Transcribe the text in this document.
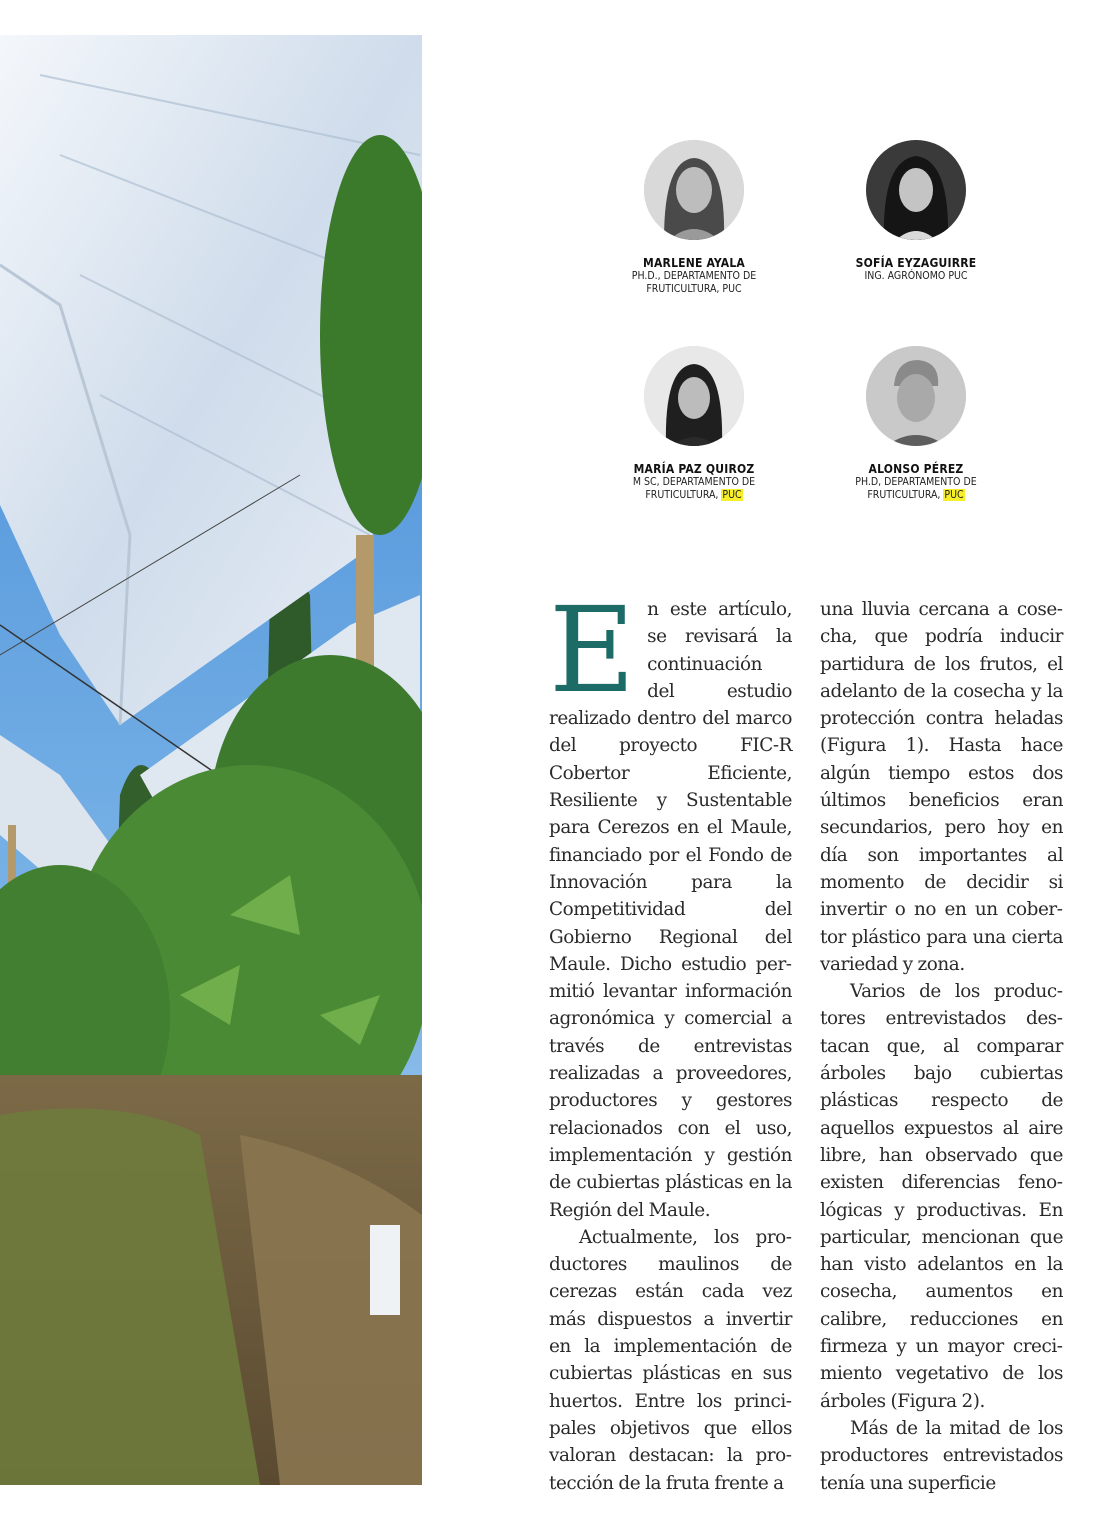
MARLENE AYALA
PH.D., DEPARTAMENTO DE FRUTICULTURA, PUC
SOFÍA EYZAGUIRRE
ING. AGRÓNOMO PUC
MARÍA PAZ QUIROZ
M SC, DEPARTAMENTO DE FRUTICULTURA, PUC
ALONSO PÉREZ
PH.D, DEPARTAMENTO DE FRUTICULTURA, PUC

En este artículo, se revisará la continuación del estudio realizado dentro del marco del proyecto FIC-R Cobertor Eficiente, Resiliente y Sustentable para Cerezos en el Maule, financiado por el Fondo de Innovación para la Competitividad del Gobierno Regional del Maule. Dicho estudio permitió levantar información agronómica y comercial a través de entrevistas realizadas a proveedores, productores y gestores relacionados con el uso, implementación y gestión de cubiertas plásticas en la Región del Maule.

Actualmente, los productores maulinos de cerezas están cada vez más dispuestos a invertir en la implementación de cubiertas plásticas en sus huertos. Entre los principales objetivos que ellos valoran destacan: la protección de la fruta frente a

una lluvia cercana a cosecha, que podría inducir partidura de los frutos, el adelanto de la cosecha y la protección contra heladas (Figura 1). Hasta hace algún tiempo estos dos últimos beneficios eran secundarios, pero hoy en día son importantes al momento de decidir si invertir o no en un cobertor plástico para una cierta variedad y zona.

Varios de los productores entrevistados destacan que, al comparar árboles bajo cubiertas plásticas respecto de aquellos expuestos al aire libre, han observado que existen diferencias fenológicas y productivas. En particular, mencionan que han visto adelantos en la cosecha, aumentos en calibre, reducciones en firmeza y un mayor crecimiento vegetativo de los árboles (Figura 2).

Más de la mitad de los productores entrevistados tenía una superficie
